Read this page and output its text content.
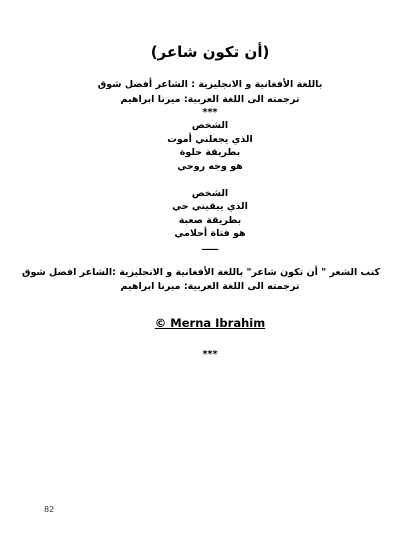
(أن تكون شاعر)
باللغة الأفغانية و الانجليزية : الشاعر أفضل شوق
ترجمته الى اللغة العربية: ميرنا ابراهيم
***
الشخص
الذي يجعلني أموت
بطريقة حلوة
هو وجه روحي
الشخص
الذي يبقيني حي
بطريقة صعبة
هو فتاة أحلامي
ـــــ
كتب الشعر " أن تكون شاعر" باللغة الأفغانية و الانجليزية :الشاعر افضل شوق
ترجمته الى اللغة العربية: ميرنا ابراهيم
© Merna Ibrahim
***
82
